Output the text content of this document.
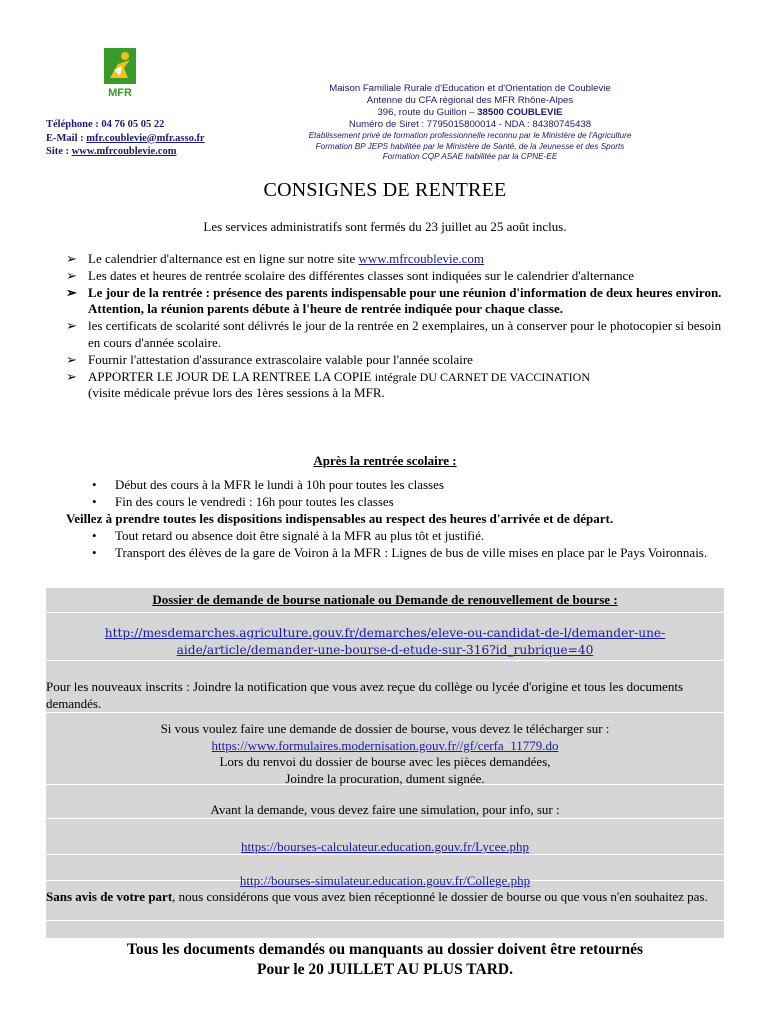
MFR
Téléphone : 04 76 05 05 22
E-Mail : mfr.coublevie@mfr.asso.fr
Site : www.mfrcoublevie.com
Maison Familiale Rurale d'Education et d'Orientation de Coublevie
Antenne du CFA régional des MFR Rhône-Alpes
396, route du Guillon – 38500 COUBLEVIE
Numéro de Siret : 7795015800014 - NDA : 84380745438
Etablissement privé de formation professionnelle reconnu par le Ministère de l'Agriculture
Formation BP JEPS habilitée par le Ministère de Santé, de la Jeunesse et des Sports
Formation CQP ASAE habilitée par la CPNE-EE
CONSIGNES DE RENTREE
Les services administratifs sont fermés du 23 juillet au 25 août inclus.
➢ Le calendrier d'alternance est en ligne sur notre site www.mfrcoublevie.com
➢ Les dates et heures de rentrée scolaire des différentes classes sont indiquées sur le calendrier d'alternance
➢ Le jour de la rentrée : présence des parents indispensable pour une réunion d'information de deux heures environ. Attention, la réunion parents débute à l'heure de rentrée indiquée pour chaque classe.
➢ les certificats de scolarité sont délivrés le jour de la rentrée en 2 exemplaires, un à conserver pour le photocopier si besoin en cours d'année scolaire.
➢ Fournir l'attestation d'assurance extrascolaire valable pour l'année scolaire
➢ APPORTER LE JOUR DE LA RENTREE LA COPIE intégrale DU CARNET DE VACCINATION
(visite médicale prévue lors des 1ères sessions à la MFR.
Après la rentrée scolaire :
• Début des cours à la MFR le lundi à 10h pour toutes les classes
• Fin des cours le vendredi : 16h pour toutes les classes
Veillez à prendre toutes les dispositions indispensables au respect des heures d'arrivée et de départ.
• Tout retard ou absence doit être signalé à la MFR au plus tôt et justifié.
• Transport des élèves de la gare de Voiron à la MFR : Lignes de bus de ville mises en place par le Pays Voironnais.
Dossier de demande de bourse nationale ou Demande de renouvellement de bourse :
http://mesdemarches.agriculture.gouv.fr/demarches/eleve-ou-candidat-de-l/demander-une-
aide/article/demander-une-bourse-d-etude-sur-316?id_rubrique=40
Pour les nouveaux inscrits : Joindre la notification que vous avez reçue du collège ou lycée d'origine et tous les documents demandés.
Si vous voulez faire une demande de dossier de bourse, vous devez le télécharger sur :
https://www.formulaires.modernisation.gouv.fr//gf/cerfa_11779.do
Lors du renvoi du dossier de bourse avec les pièces demandées,
Joindre la procuration, dument signée.
Avant la demande, vous devez faire une simulation, pour info, sur :
https://bourses-calculateur.education.gouv.fr/Lycee.php
http://bourses-simulateur.education.gouv.fr/College.php
Sans avis de votre part, nous considérons que vous avez bien réceptionné le dossier de bourse ou que vous n'en souhaitez pas.
Tous les documents demandés ou manquants au dossier doivent être retournés
Pour le 20 JUILLET AU PLUS TARD.
